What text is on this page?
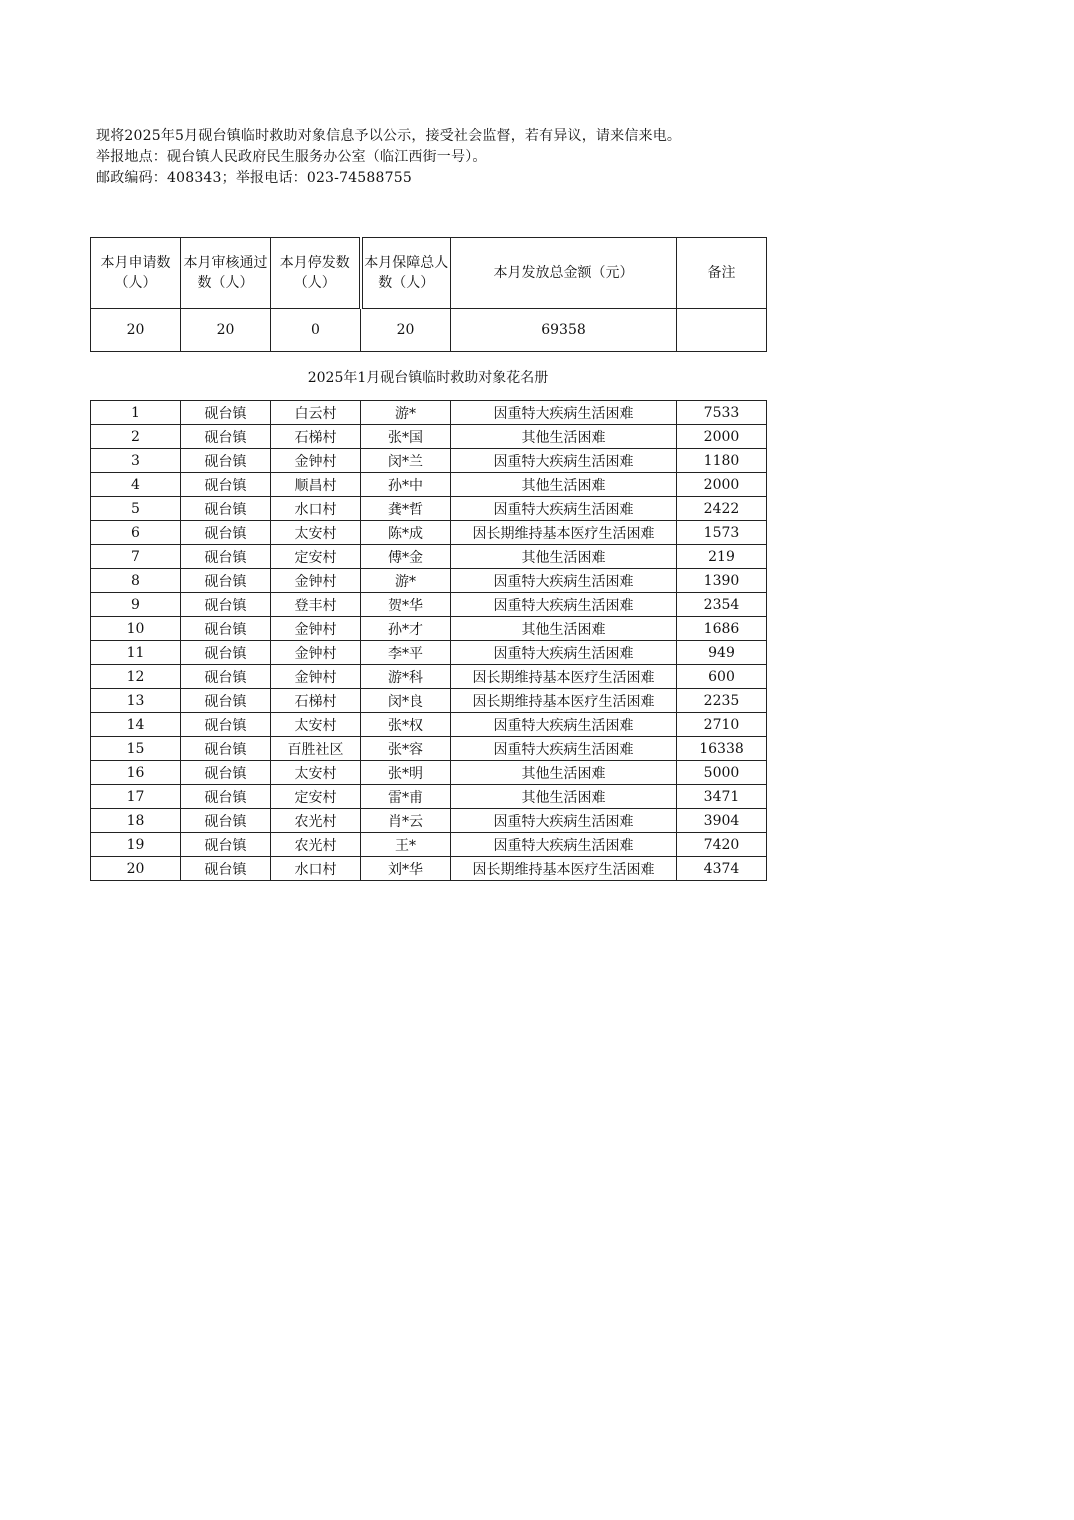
现将2025年5月砚台镇临时救助对象信息予以公示，接受社会监督，若有异议，请来信来电。
举报地点：砚台镇人民政府民生服务办公室（临江西街一号）。
邮政编码：408343；举报电话：023-74588755
本月申请数（人）	本月审核通过数（人）	本月停发数（人）	本月保障总人数（人）	本月发放总金额（元）	备注
20	20	0	20	69358	
2025年1月砚台镇临时救助对象花名册
1	砚台镇	白云村	游*	因重特大疾病生活困难	7533
2	砚台镇	石梯村	张*国	其他生活困难	2000
3	砚台镇	金钟村	闵*兰	因重特大疾病生活困难	1180
4	砚台镇	顺昌村	孙*中	其他生活困难	2000
5	砚台镇	水口村	龚*哲	因重特大疾病生活困难	2422
6	砚台镇	太安村	陈*成	因长期维持基本医疗生活困难	1573
7	砚台镇	定安村	傅*金	其他生活困难	219
8	砚台镇	金钟村	游*	因重特大疾病生活困难	1390
9	砚台镇	登丰村	贺*华	因重特大疾病生活困难	2354
10	砚台镇	金钟村	孙*才	其他生活困难	1686
11	砚台镇	金钟村	李*平	因重特大疾病生活困难	949
12	砚台镇	金钟村	游*科	因长期维持基本医疗生活困难	600
13	砚台镇	石梯村	闵*良	因长期维持基本医疗生活困难	2235
14	砚台镇	太安村	张*权	因重特大疾病生活困难	2710
15	砚台镇	百胜社区	张*容	因重特大疾病生活困难	16338
16	砚台镇	太安村	张*明	其他生活困难	5000
17	砚台镇	定安村	雷*甫	其他生活困难	3471
18	砚台镇	农光村	肖*云	因重特大疾病生活困难	3904
19	砚台镇	农光村	王*	因重特大疾病生活困难	7420
20	砚台镇	水口村	刘*华	因长期维持基本医疗生活困难	4374
